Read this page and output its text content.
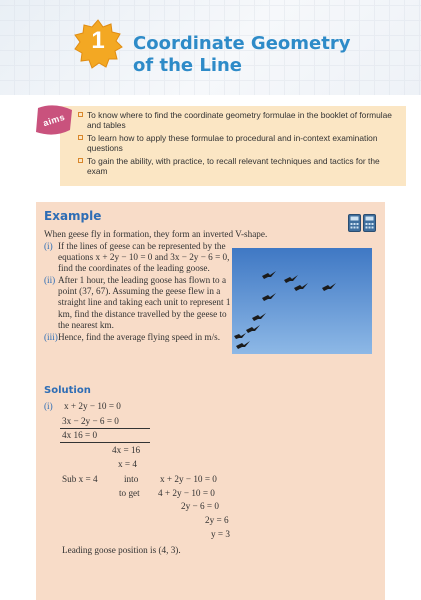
1	Coordinate Geometry
of the Line
aims	To know where to find the coordinate geometry formulae in the booklet of formulae and tables
To learn how to apply these formulae to procedural and in-context examination questions
To gain the ability, with practice, to recall relevant techniques and tactics for the exam
Example
When geese fly in formation, they form an inverted V-shape.
(i) If the lines of geese can be represented by the equations x + 2y − 10 = 0 and 3x − 2y − 6 = 0, find the coordinates of the leading goose.
(ii) After 1 hour, the leading goose has flown to a point (37, 67). Assuming the geese flew in a straight line and taking each unit to represent 1 km, find the distance travelled by the geese to the nearest km.
(iii) Hence, find the average flying speed in m/s.
Solution
(i) x + 2y − 10 = 0
3x − 2y − 6 = 0
4x 16 = 0
4x = 16
x = 4
Sub x = 4	into
to get
x + 2y − 10 = 0
4 + 2y − 10 = 0
2y − 6 = 0
2y = 6
y = 3
Leading goose position is (4, 3).
